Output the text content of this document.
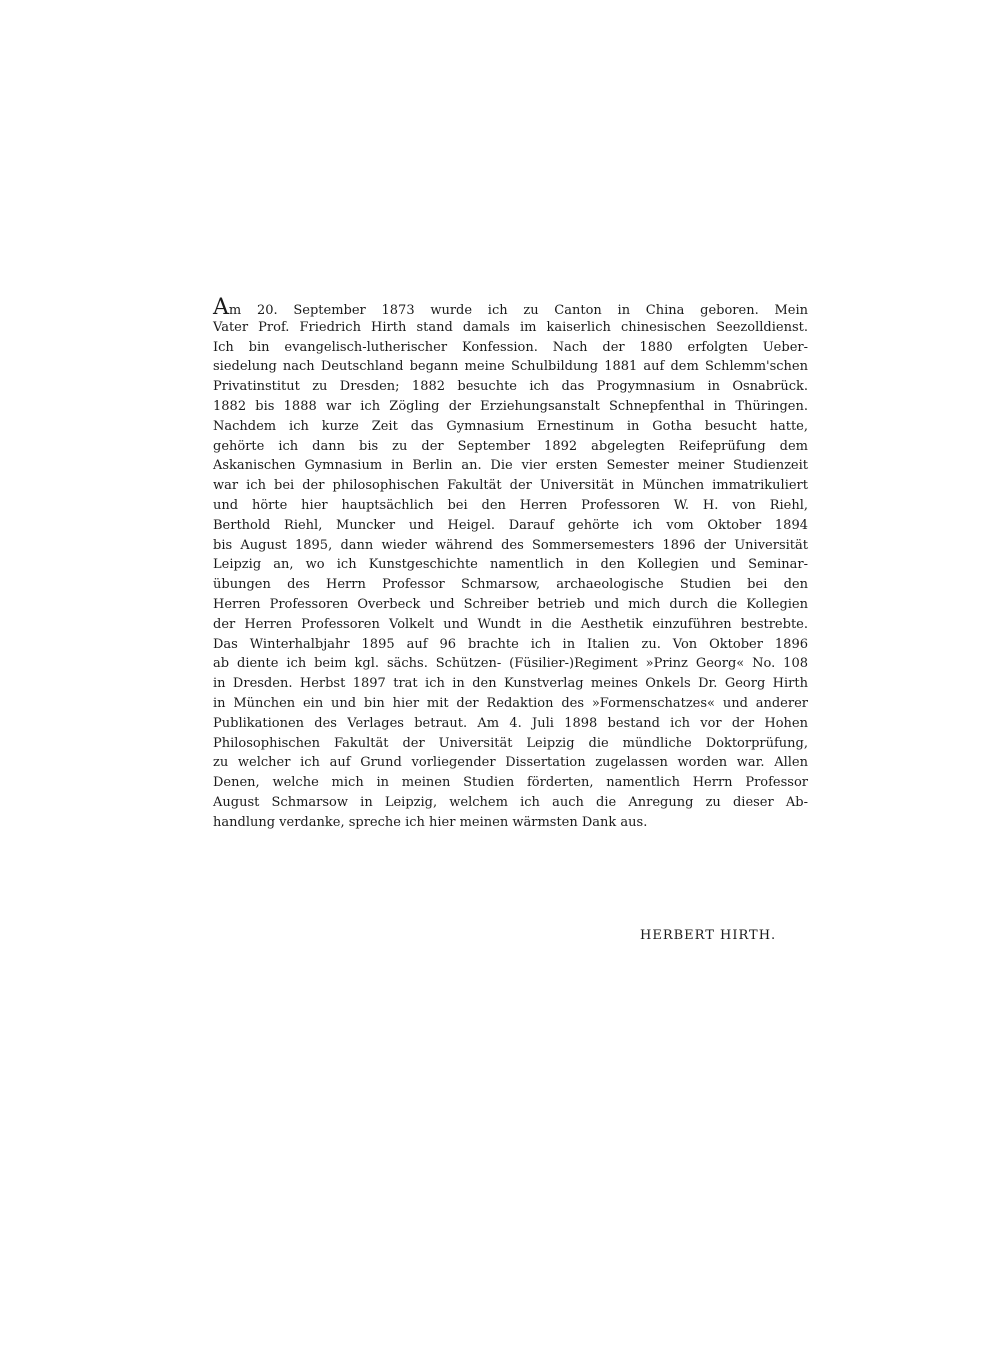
Am 20. September 1873 wurde ich zu Canton in China geboren. Mein
Vater Prof. Friedrich Hirth stand damals im kaiserlich chinesischen Seezolldienst.
Ich bin evangelisch-lutherischer Konfession. Nach der 1880 erfolgten Ueber-
siedelung nach Deutschland begann meine Schulbildung 1881 auf dem Schlemm'schen
Privatinstitut zu Dresden; 1882 besuchte ich das Progymnasium in Osnabrück.
1882 bis 1888 war ich Zögling der Erziehungsanstalt Schnepfenthal in Thüringen.
Nachdem ich kurze Zeit das Gymnasium Ernestinum in Gotha besucht hatte,
gehörte ich dann bis zu der September 1892 abgelegten Reifeprüfung dem
Askanischen Gymnasium in Berlin an. Die vier ersten Semester meiner Studienzeit
war ich bei der philosophischen Fakultät der Universität in München immatrikuliert
und hörte hier hauptsächlich bei den Herren Professoren W. H. von Riehl,
Berthold Riehl, Muncker und Heigel. Darauf gehörte ich vom Oktober 1894
bis August 1895, dann wieder während des Sommersemesters 1896 der Universität
Leipzig an, wo ich Kunstgeschichte namentlich in den Kollegien und Seminar-
übungen des Herrn Professor Schmarsow, archaeologische Studien bei den
Herren Professoren Overbeck und Schreiber betrieb und mich durch die Kollegien
der Herren Professoren Volkelt und Wundt in die Aesthetik einzuführen bestrebte.
Das Winterhalbjahr 1895 auf 96 brachte ich in Italien zu. Von Oktober 1896
ab diente ich beim kgl. sächs. Schützen- (Füsilier-)Regiment »Prinz Georg« No. 108
in Dresden. Herbst 1897 trat ich in den Kunstverlag meines Onkels Dr. Georg Hirth
in München ein und bin hier mit der Redaktion des »Formenschatzes« und anderer
Publikationen des Verlages betraut. Am 4. Juli 1898 bestand ich vor der Hohen
Philosophischen Fakultät der Universität Leipzig die mündliche Doktorprüfung,
zu welcher ich auf Grund vorliegender Dissertation zugelassen worden war. Allen
Denen, welche mich in meinen Studien förderten, namentlich Herrn Professor
August Schmarsow in Leipzig, welchem ich auch die Anregung zu dieser Ab-
handlung verdanke, spreche ich hier meinen wärmsten Dank aus.
HERBERT HIRTH.
